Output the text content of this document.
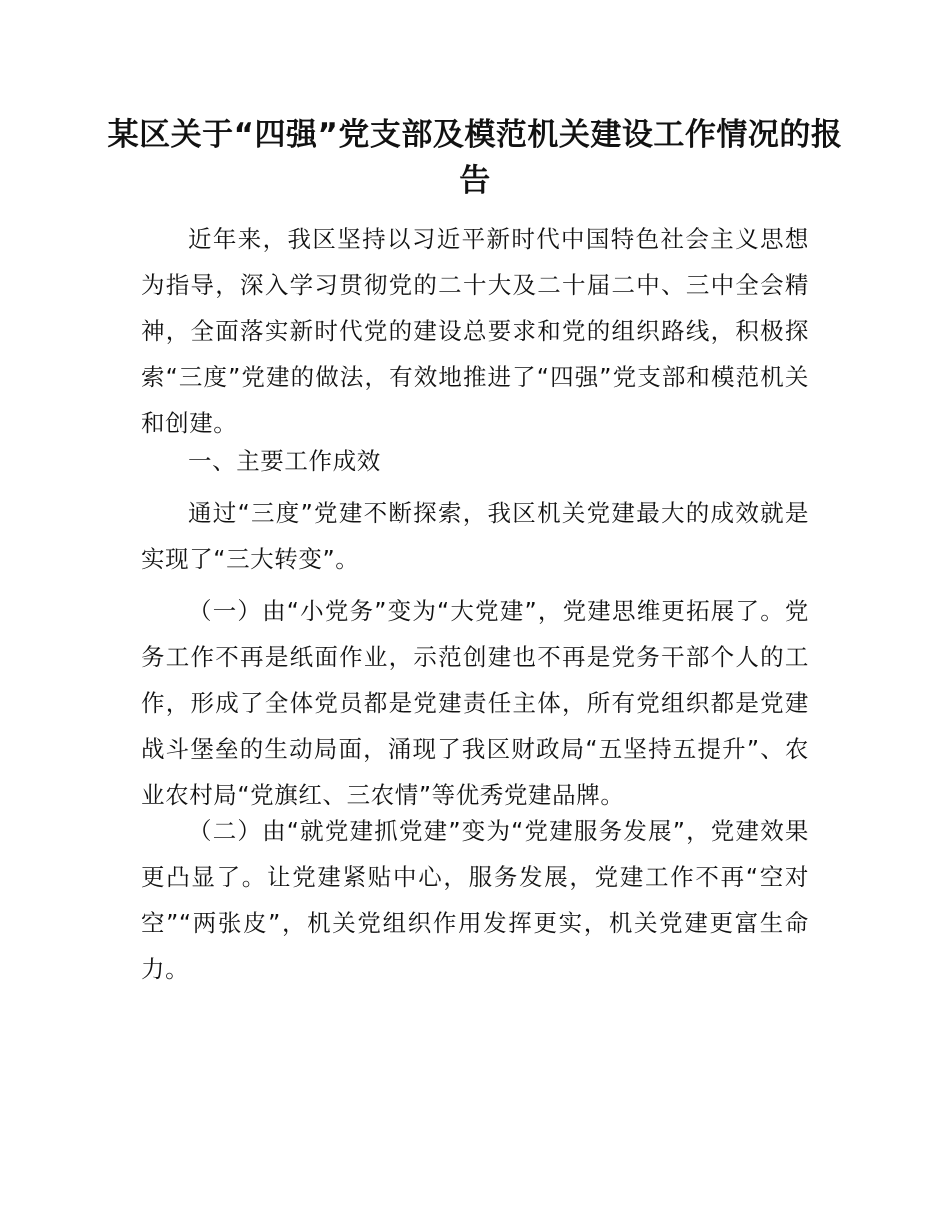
某区关于“四强”党支部及模范机关建设工作情况的报告

近年来，我区坚持以习近平新时代中国特色社会主义思想为指导，深入学习贯彻党的二十大及二十届二中、三中全会精神，全面落实新时代党的建设总要求和党的组织路线，积极探索“三度”党建的做法，有效地推进了“四强”党支部和模范机关和创建。

一、主要工作成效

通过“三度”党建不断探索，我区机关党建最大的成效就是实现了“三大转变”。

（一）由“小党务”变为“大党建”，党建思维更拓展了。党务工作不再是纸面作业，示范创建也不再是党务干部个人的工作，形成了全体党员都是党建责任主体，所有党组织都是党建战斗堡垒的生动局面，涌现了我区财政局“五坚持五提升”、农业农村局“党旗红、三农情”等优秀党建品牌。

（二）由“就党建抓党建”变为“党建服务发展”，党建效果更凸显了。让党建紧贴中心，服务发展，党建工作不再“空对空”“两张皮”，机关党组织作用发挥更实，机关党建更富生命力。
